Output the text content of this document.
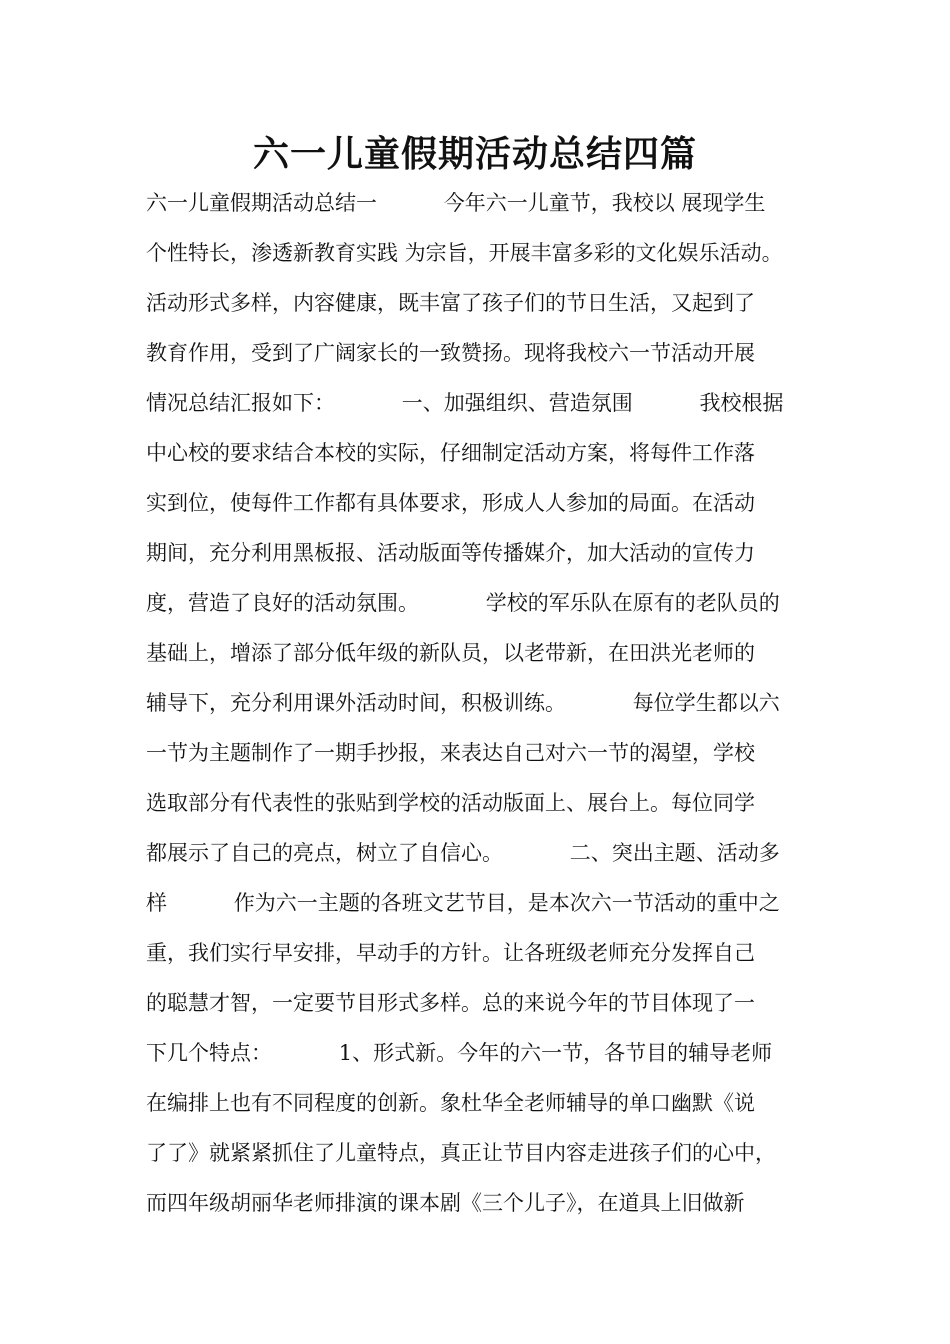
六一儿童假期活动总结四篇
六一儿童假期活动总结一          今年六一儿童节，我校以 展现学生
个性特长，渗透新教育实践 为宗旨，开展丰富多彩的文化娱乐活动。
活动形式多样，内容健康，既丰富了孩子们的节日生活，又起到了
教育作用，受到了广阔家长的一致赞扬。现将我校六一节活动开展
情况总结汇报如下：          一、加强组织、营造氛围          我校根据
中心校的要求结合本校的实际，仔细制定活动方案，将每件工作落
实到位，使每件工作都有具体要求，形成人人参加的局面。在活动
期间，充分利用黑板报、活动版面等传播媒介，加大活动的宣传力
度，营造了良好的活动氛围。          学校的军乐队在原有的老队员的
基础上，增添了部分低年级的新队员，以老带新，在田洪光老师的
辅导下，充分利用课外活动时间，积极训练。          每位学生都以六
一节为主题制作了一期手抄报，来表达自己对六一节的渴望，学校
选取部分有代表性的张贴到学校的活动版面上、展台上。每位同学
都展示了自己的亮点，树立了自信心。          二、突出主题、活动多
样          作为六一主题的各班文艺节目，是本次六一节活动的重中之
重，我们实行早安排，早动手的方针。让各班级老师充分发挥自己
的聪慧才智，一定要节目形式多样。总的来说今年的节目体现了一
下几个特点：          1、形式新。今年的六一节，各节目的辅导老师
在编排上也有不同程度的创新。象杜华全老师辅导的单口幽默《说
了了》就紧紧抓住了儿童特点，真正让节目内容走进孩子们的心中，
而四年级胡丽华老师排演的课本剧《三个儿子》，在道具上旧做新
